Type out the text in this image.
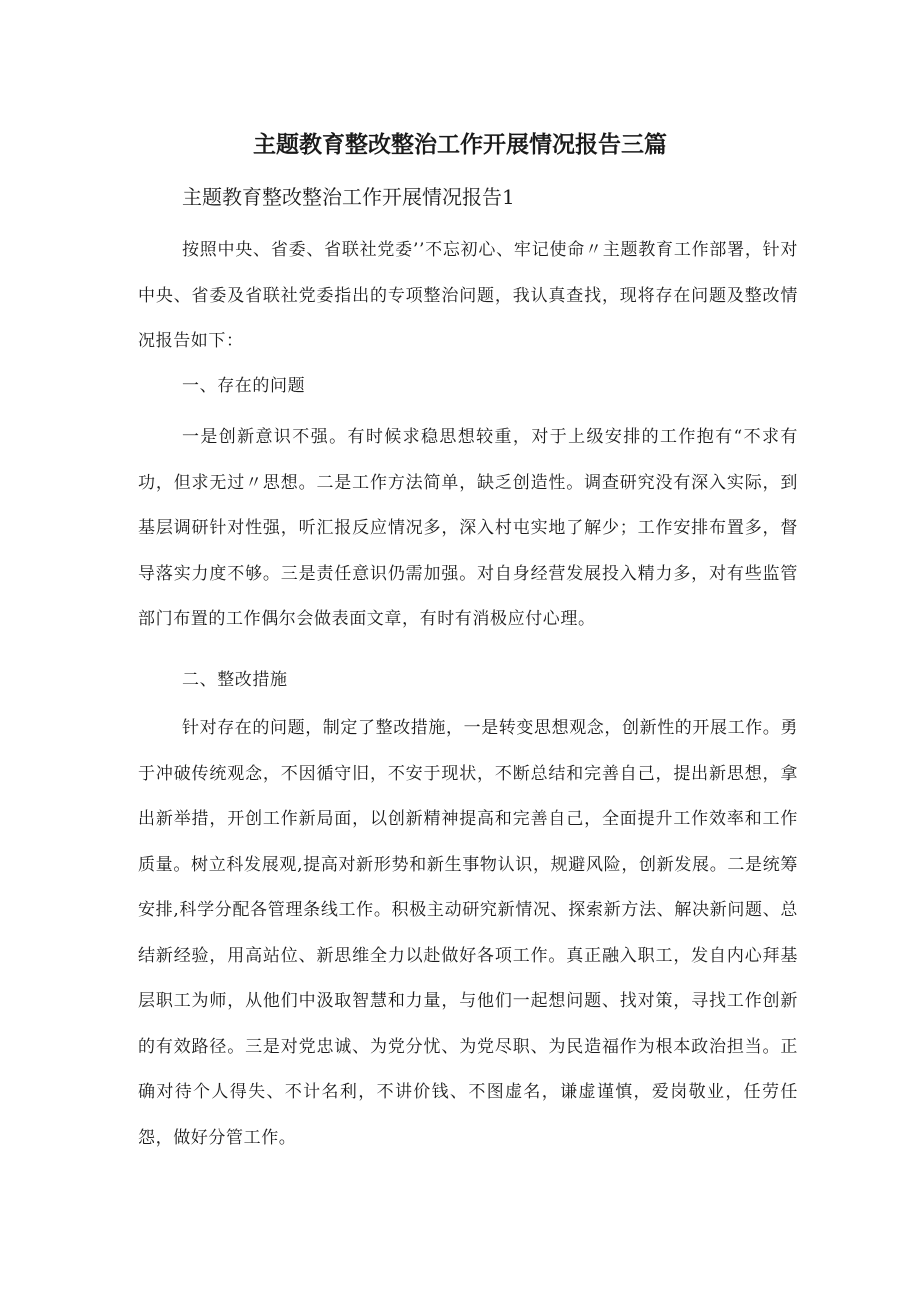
主题教育整改整治工作开展情况报告三篇

主题教育整改整治工作开展情况报告1

按照中央、省委、省联社党委’’不忘初心、牢记使命〃主题教育工作部署，针对中央、省委及省联社党委指出的专项整治问题，我认真查找，现将存在问题及整改情况报告如下：

一、存在的问题

一是创新意识不强。有时候求稳思想较重，对于上级安排的工作抱有“不求有功，但求无过〃思想。二是工作方法简单，缺乏创造性。调查研究没有深入实际，到基层调研针对性强，听汇报反应情况多，深入村屯实地了解少；工作安排布置多，督导落实力度不够。三是责任意识仍需加强。对自身经营发展投入精力多，对有些监管部门布置的工作偶尔会做表面文章，有时有消极应付心理。

二、整改措施

针对存在的问题，制定了整改措施，一是转变思想观念，创新性的开展工作。勇于冲破传统观念，不因循守旧，不安于现状，不断总结和完善自己，提出新思想，拿出新举措，开创工作新局面，以创新精神提高和完善自己，全面提升工作效率和工作质量。树立科发展观,提高对新形势和新生事物认识，规避风险，创新发展。二是统筹安排,科学分配各管理条线工作。积极主动研究新情况、探索新方法、解决新问题、总结新经验，用高站位、新思维全力以赴做好各项工作。真正融入职工，发自内心拜基层职工为师，从他们中汲取智慧和力量，与他们一起想问题、找对策，寻找工作创新的有效路径。三是对党忠诚、为党分忧、为党尽职、为民造福作为根本政治担当。正确对待个人得失、不计名利，不讲价钱、不图虚名，谦虚谨慎，爱岗敬业，任劳任怨，做好分管工作。
